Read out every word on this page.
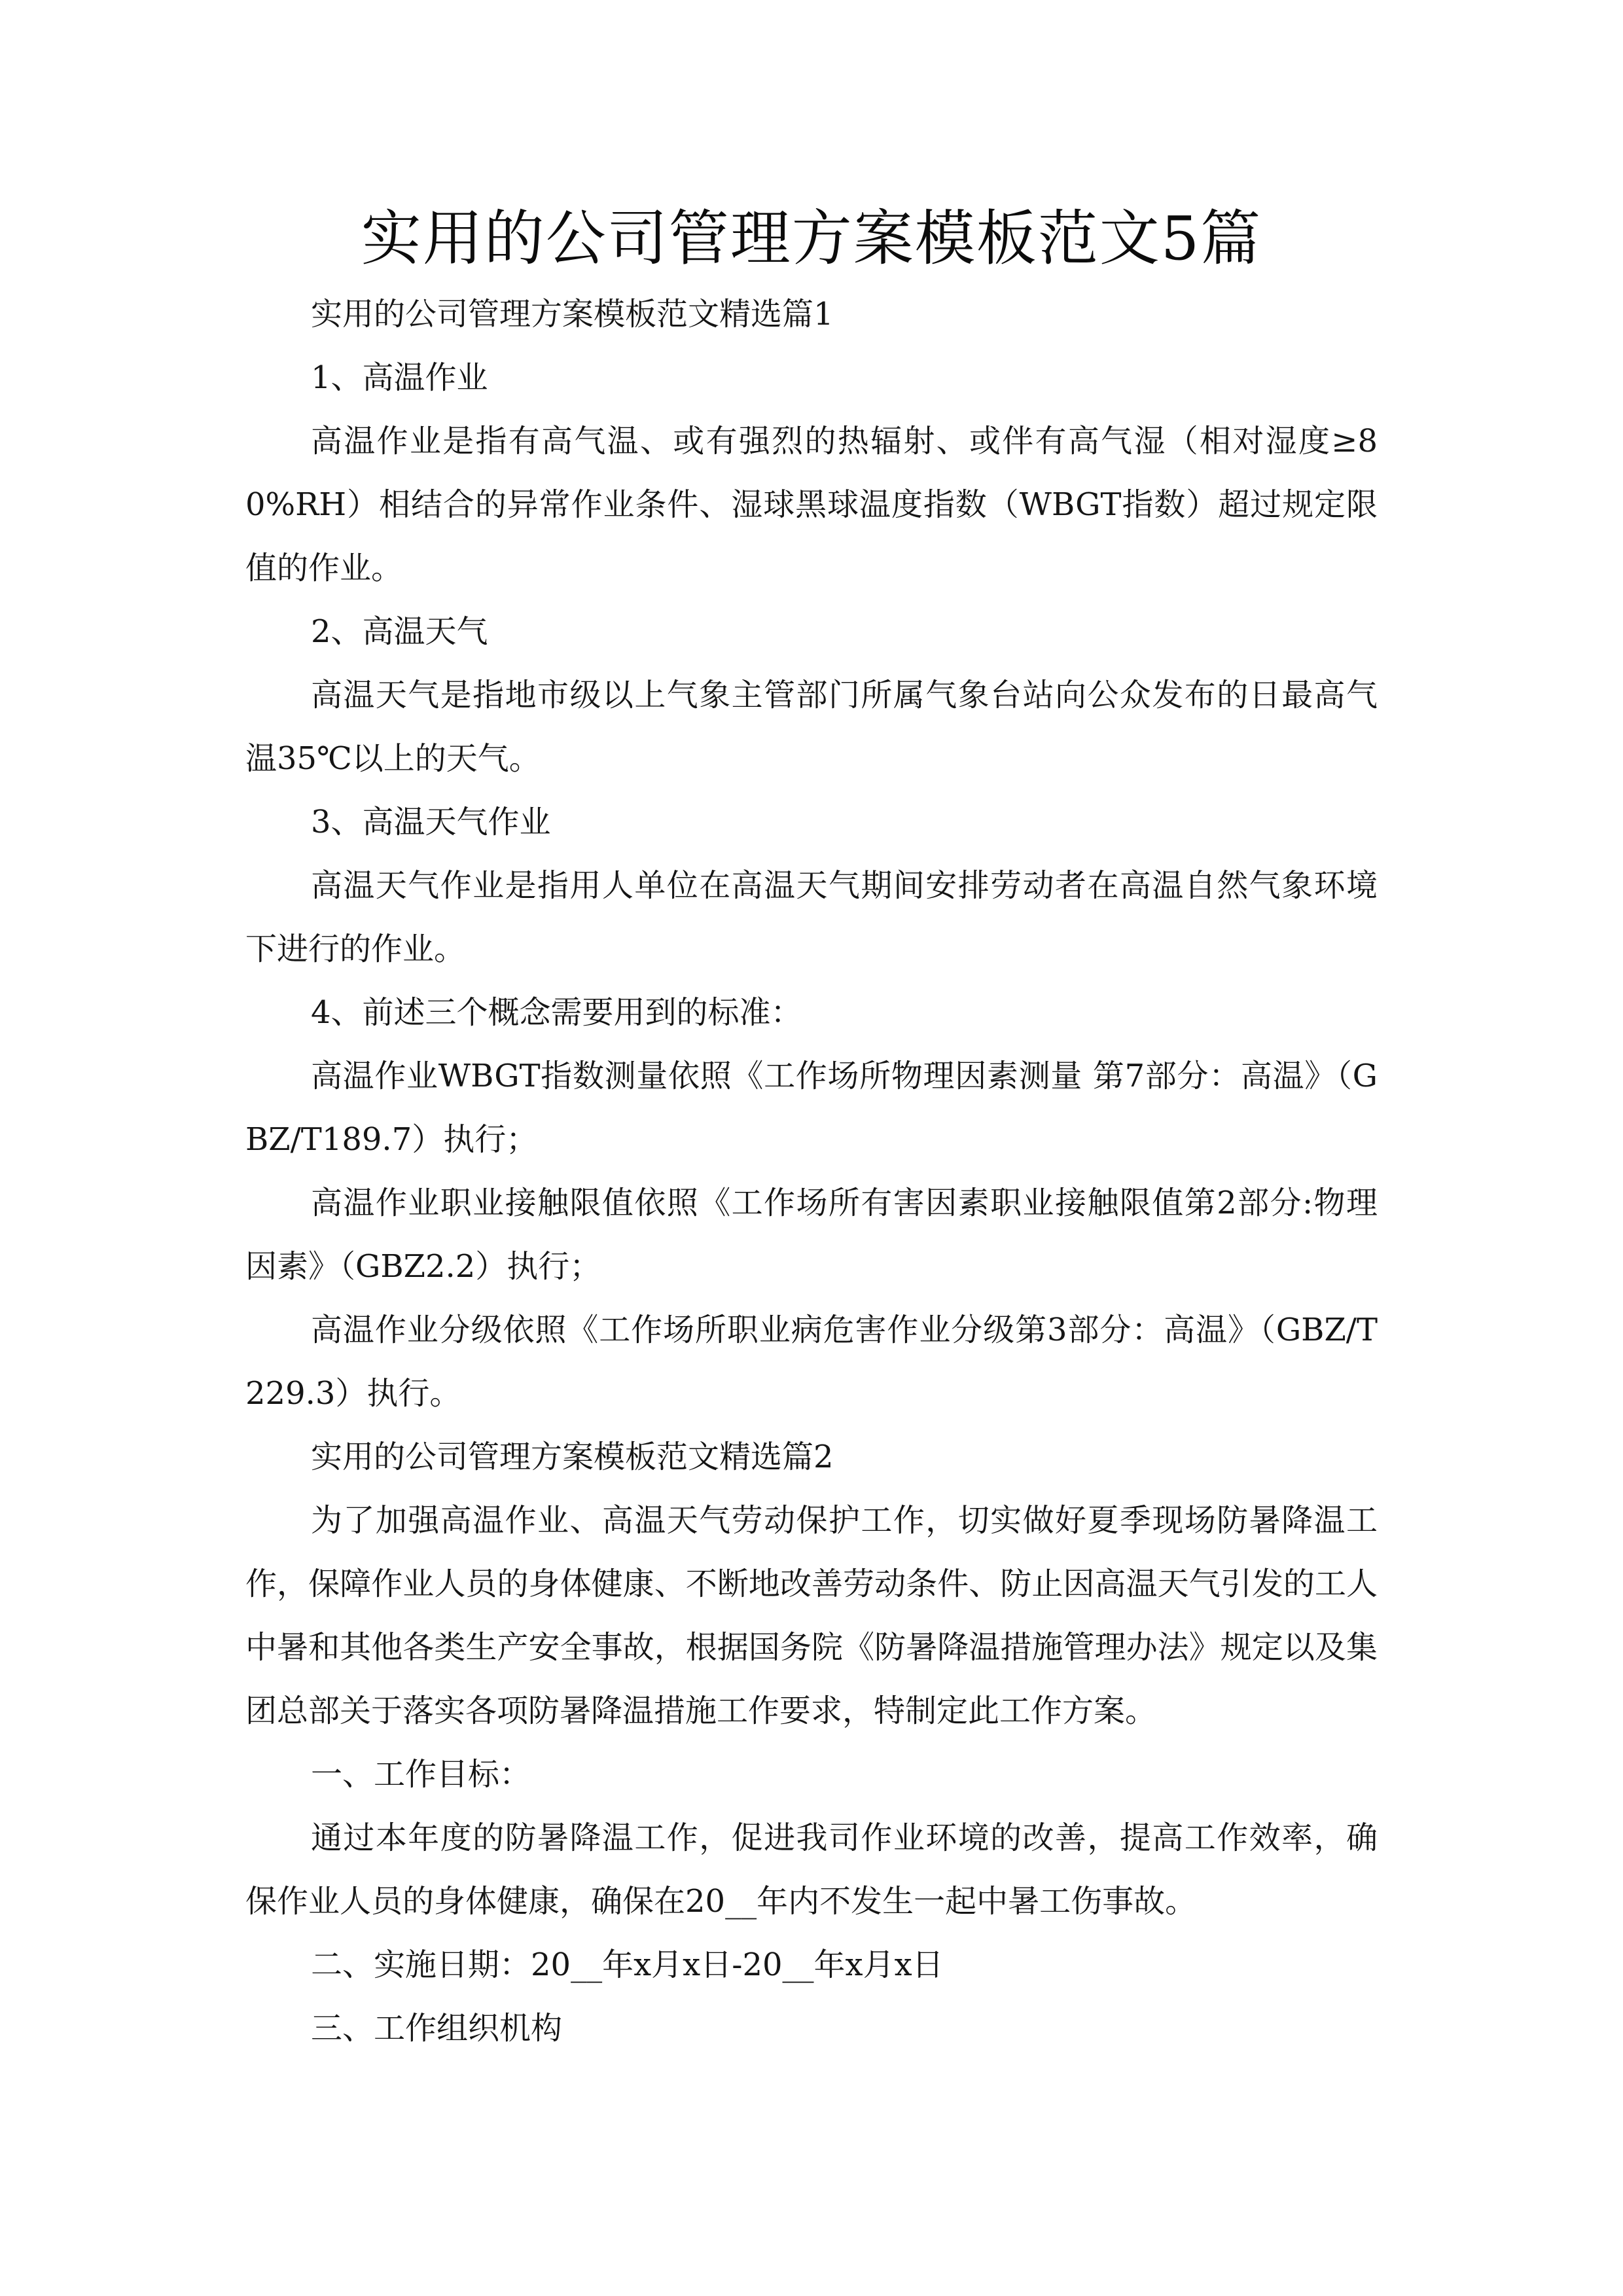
实用的公司管理方案模板范文5篇

实用的公司管理方案模板范文精选篇1

1、高温作业

高温作业是指有高气温、或有强烈的热辐射、或伴有高气湿（相对湿度≥80%RH）相结合的异常作业条件、湿球黑球温度指数（WBGT指数）超过规定限值的作业。

2、高温天气

高温天气是指地市级以上气象主管部门所属气象台站向公众发布的日最高气温35℃以上的天气。

3、高温天气作业

高温天气作业是指用人单位在高温天气期间安排劳动者在高温自然气象环境下进行的作业。

4、前述三个概念需要用到的标准：

高温作业WBGT指数测量依照《工作场所物理因素测量 第7部分：高温》（GBZ/T189.7）执行；

高温作业职业接触限值依照《工作场所有害因素职业接触限值第2部分:物理因素》（GBZ2.2）执行；

高温作业分级依照《工作场所职业病危害作业分级第3部分：高温》（GBZ/T229.3）执行。

实用的公司管理方案模板范文精选篇2

为了加强高温作业、高温天气劳动保护工作，切实做好夏季现场防暑降温工作，保障作业人员的身体健康、不断地改善劳动条件、防止因高温天气引发的工人中暑和其他各类生产安全事故，根据国务院《防暑降温措施管理办法》规定以及集团总部关于落实各项防暑降温措施工作要求，特制定此工作方案。

一、工作目标：

通过本年度的防暑降温工作，促进我司作业环境的改善，提高工作效率，确保作业人员的身体健康，确保在20__年内不发生一起中暑工伤事故。

二、实施日期：20__年x月x日-20__年x月x日

三、工作组织机构
